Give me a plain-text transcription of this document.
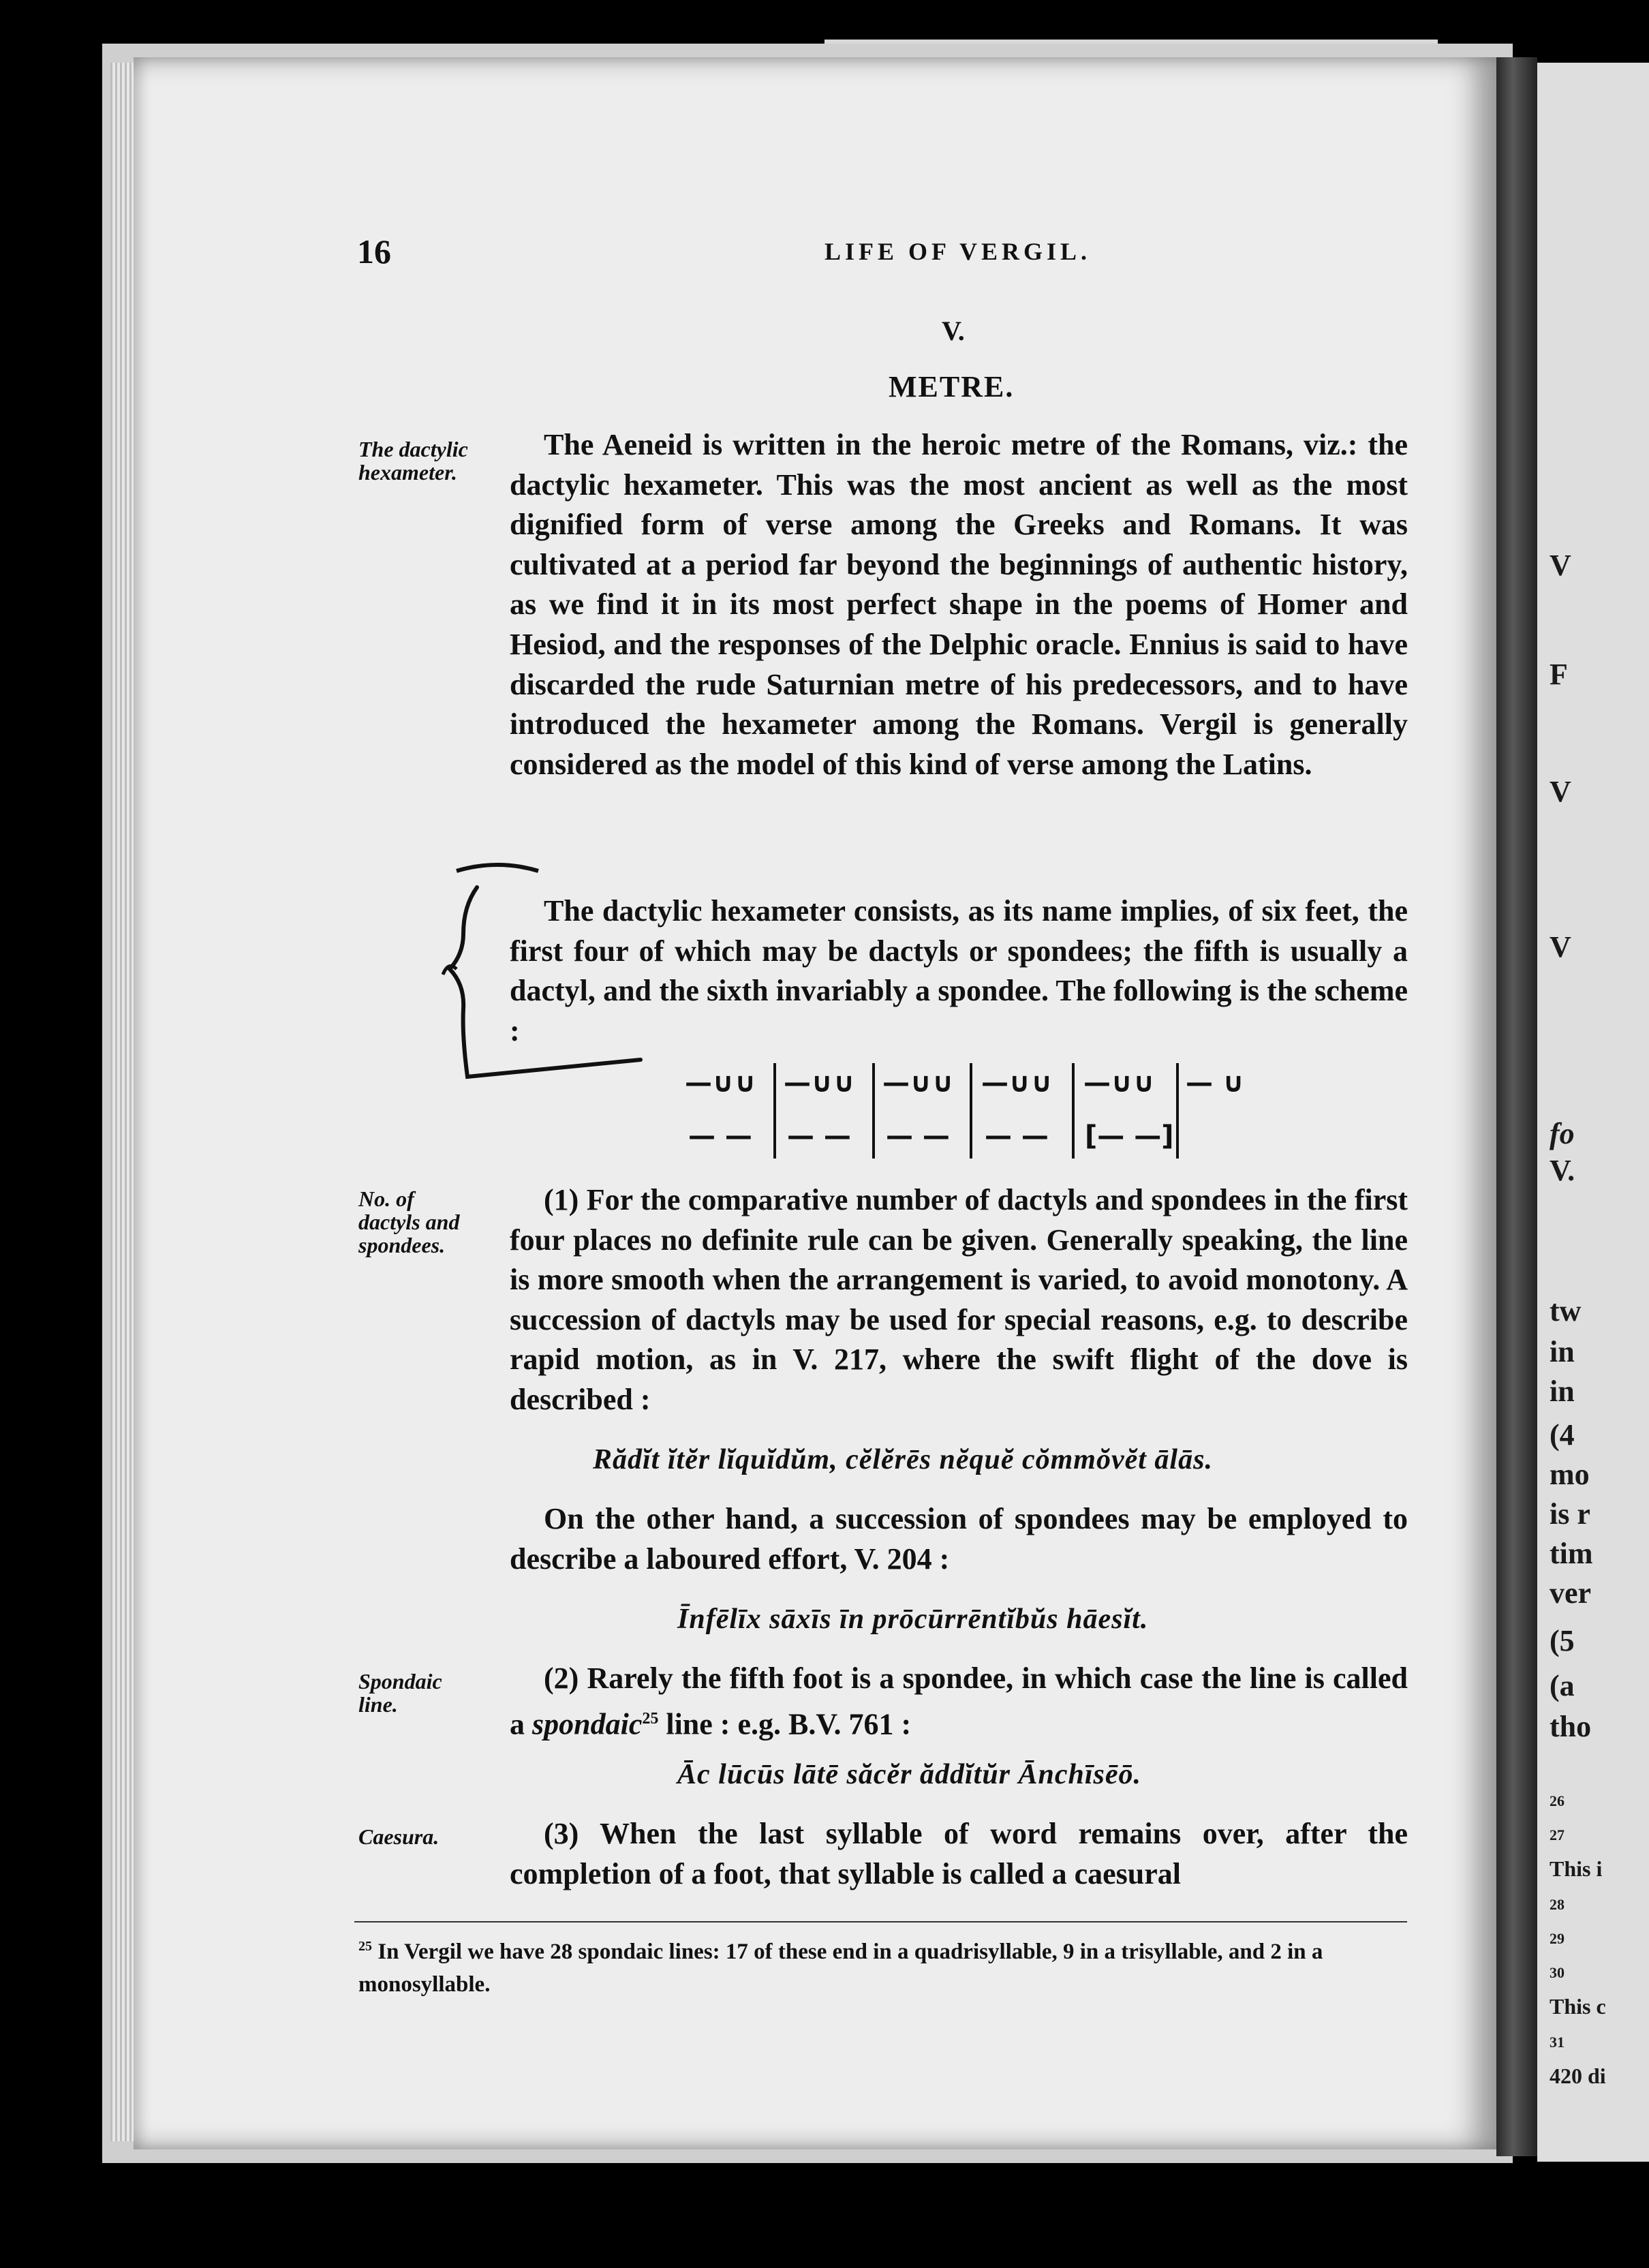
V
F
V
V
fo
V.
tw
in
in
(4
mo
is r
tim
ver
(5
(a
tho
26
27
This i
28
29
30
This c
31
420 di
16	LIFE OF VERGIL.
V.
METRE.
The dactylic
hexameter.
No. of
dactyls and
spondees.
Spondaic
line.
Caesura.

The Aeneid is written in the heroic metre of the Romans, viz.: the dactylic hexameter. This was the most ancient as well as the most dignified form of verse among the Greeks and Romans. It was cultivated at a period far beyond the beginnings of authentic history, as we find it in its most perfect shape in the poems of Homer and Hesiod, and the responses of the Delphic oracle. Ennius is said to have discarded the rude Saturnian metre of his predecessors, and to have introduced the hexameter among the Romans. Vergil is generally considered as the model of this kind of verse among the Latins.

The dactylic hexameter consists, as its name implies, of six feet, the first four of which may be dactyls or spondees; the fifth is usually a dactyl, and the sixth invariably a spondee. The following is the scheme :

—∪∪ —∪∪ —∪∪ —∪∪ —∪∪ — ∪
— — — — — — — — [— —]

(1) For the comparative number of dactyls and spondees in the first four places no definite rule can be given. Generally speaking, the line is more smooth when the arrangement is varied, to avoid monotony. A succession of dactyls may be used for special reasons, e.g. to describe rapid motion, as in V. 217, where the swift flight of the dove is described :

Rădĭt ĭtĕr lĭquĭdŭm, cĕlĕrēs nĕquĕ cŏmmŏvĕt ālās.

On the other hand, a succession of spondees may be employed to describe a laboured effort, V. 204 :

Īnfēlīx sāxīs īn prōcūrrēntĭbŭs hāesĭt.

(2) Rarely the fifth foot is a spondee, in which case the line is called a spondaic$^{25}$ line : e.g. B.V. 761 :

Āc lūcūs lātē săcĕr ăddĭtŭr Ānchīsēō.

(3) When the last syllable of word remains over, after the completion of a foot, that syllable is called a caesural

$^{25}$ In Vergil we have 28 spondaic lines: 17 of these end in a quadrisyllable, 9 in a trisyllable, and 2 in a monosyllable.
